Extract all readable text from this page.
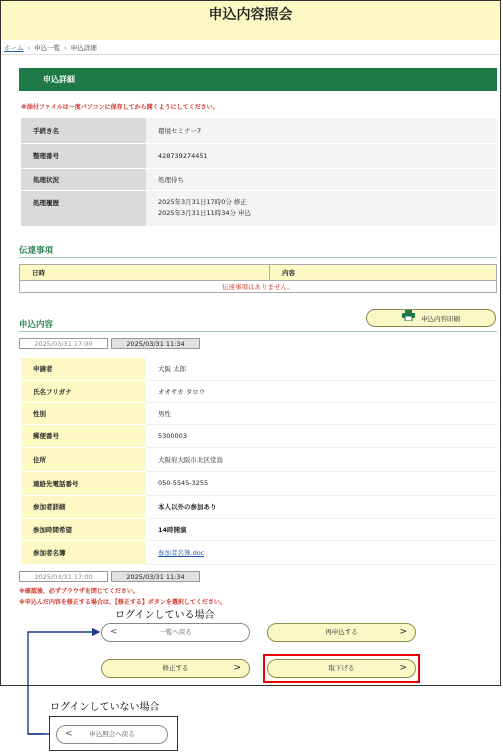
申込内容照会
ホーム › 申込一覧 › 申込詳細
申込詳細
※添付ファイルは一度パソコンに保存してから開くようにしてください。
手続き名	環境セミナー7
整理番号	428739274451
処理状況	処理待ち
処理履歴	2025年3月31日17時0分 修正
2025年3月31日11時34分 申込
伝達事項
日時	内容
伝達事項はありません。
申込内容
申込内容印刷
2025/03/31 17:00	2025/03/31 11:34
申請者	大阪 太郎
氏名フリガナ	オオサカ タロウ
性別	男性
郵便番号	5300003
住所	大阪府大阪市北区堂島
連絡先電話番号	050-5545-3255
参加者詳細	本人以外の参加あり
参加時間希望	14時開演
参加者名簿	参加者名簿.doc
2025/03/31 17:00	2025/03/31 11:34
※確認後、必ずブラウザを閉じてください。
※申込んだ内容を修正する場合は、【修正する】ボタンを選択してください。
ログインしている場合
<	一覧へ戻る	再申込する	>
修正する	>	取下げる	>
ログインしていない場合
<	申込照会へ戻る
